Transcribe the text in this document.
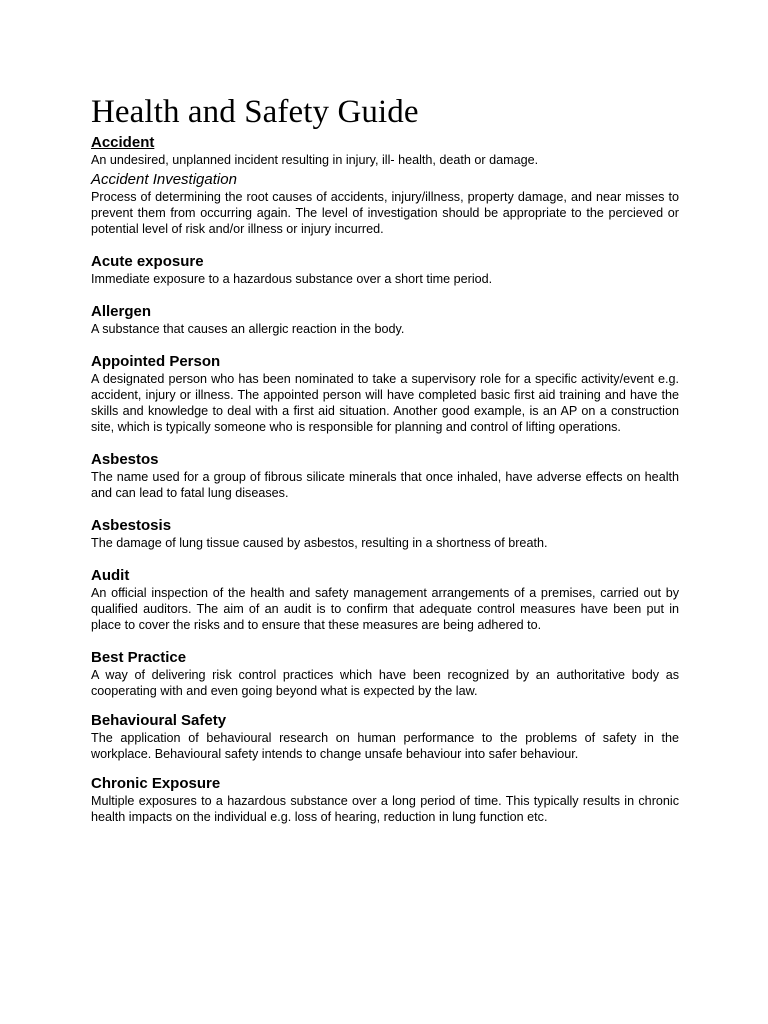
Health and Safety Guide
Accident

An undesired, unplanned incident resulting in injury, ill- health, death or damage.

Accident Investigation

Process of determining the root causes of accidents, injury/illness, property damage, and near misses to prevent them from occurring again. The level of investigation should be appropriate to the percieved or potential level of risk and/or illness or injury incurred.

Acute exposure

Immediate exposure to a hazardous substance over a short time period.

Allergen

A substance that causes an allergic reaction in the body.

Appointed Person

A designated person who has been nominated to take a supervisory role for a specific activity/event e.g. accident, injury or illness. The appointed person will have completed basic first aid training and have the skills and knowledge to deal with a first aid situation. Another good example, is an AP on a construction site, which is typically someone who is responsible for planning and control of lifting operations.

Asbestos

The name used for a group of fibrous silicate minerals that once inhaled, have adverse effects on health and can lead to fatal lung diseases.

Asbestosis

The damage of lung tissue caused by asbestos, resulting in a shortness of breath.

Audit

An official inspection of the health and safety management arrangements of a premises, carried out by qualified auditors. The aim of an audit is to confirm that adequate control measures have been put in place to cover the risks and to ensure that these measures are being adhered to.

Best Practice

A way of delivering risk control practices which have been recognized by an authoritative body as cooperating with and even going beyond what is expected by the law.

Behavioural Safety

The application of behavioural research on human performance to the problems of safety in the workplace. Behavioural safety intends to change unsafe behaviour into safer behaviour.

Chronic Exposure

Multiple exposures to a hazardous substance over a long period of time. This typically results in chronic health impacts on the individual e.g. loss of hearing, reduction in lung function etc.
